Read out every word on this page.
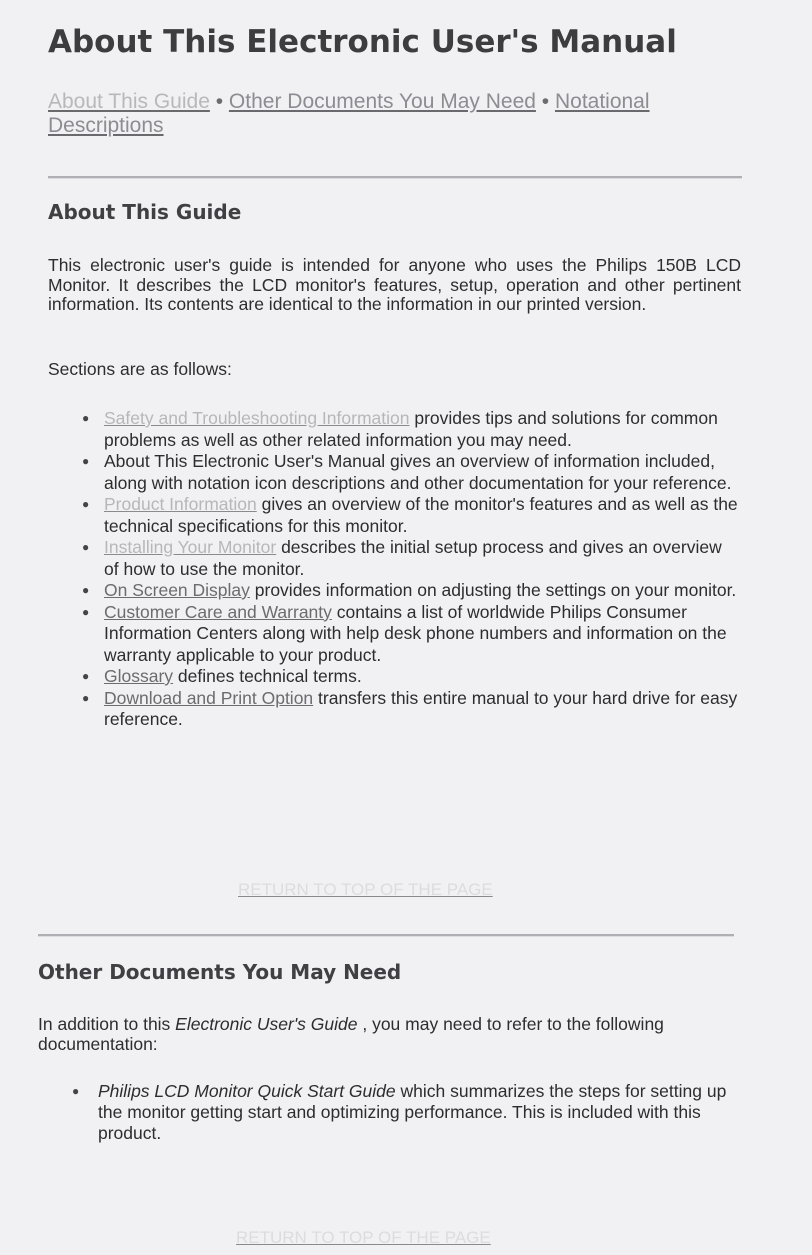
About This Electronic User's Manual
About This Guide • Other Documents You May Need • Notational Descriptions
About This Guide
This electronic user's guide is intended for anyone who uses the Philips 150B LCD Monitor. It describes the LCD monitor's features, setup, operation and other pertinent information. Its contents are identical to the information in our printed version.
Sections are as follows:
● Safety and Troubleshooting Information provides tips and solutions for common problems as well as other related information you may need.
● About This Electronic User's Manual gives an overview of information included, along with notation icon descriptions and other documentation for your reference.
● Product Information gives an overview of the monitor's features and as well as the technical specifications for this monitor.
● Installing Your Monitor describes the initial setup process and gives an overview of how to use the monitor.
● On Screen Display provides information on adjusting the settings on your monitor.
● Customer Care and Warranty contains a list of worldwide Philips Consumer Information Centers along with help desk phone numbers and information on the warranty applicable to your product.
● Glossary defines technical terms.
● Download and Print Option transfers this entire manual to your hard drive for easy reference.
RETURN TO TOP OF THE PAGE
Other Documents You May Need
In addition to this Electronic User's Guide , you may need to refer to the following documentation:
● Philips LCD Monitor Quick Start Guide which summarizes the steps for setting up the monitor getting start and optimizing performance. This is included with this product.
RETURN TO TOP OF THE PAGE
